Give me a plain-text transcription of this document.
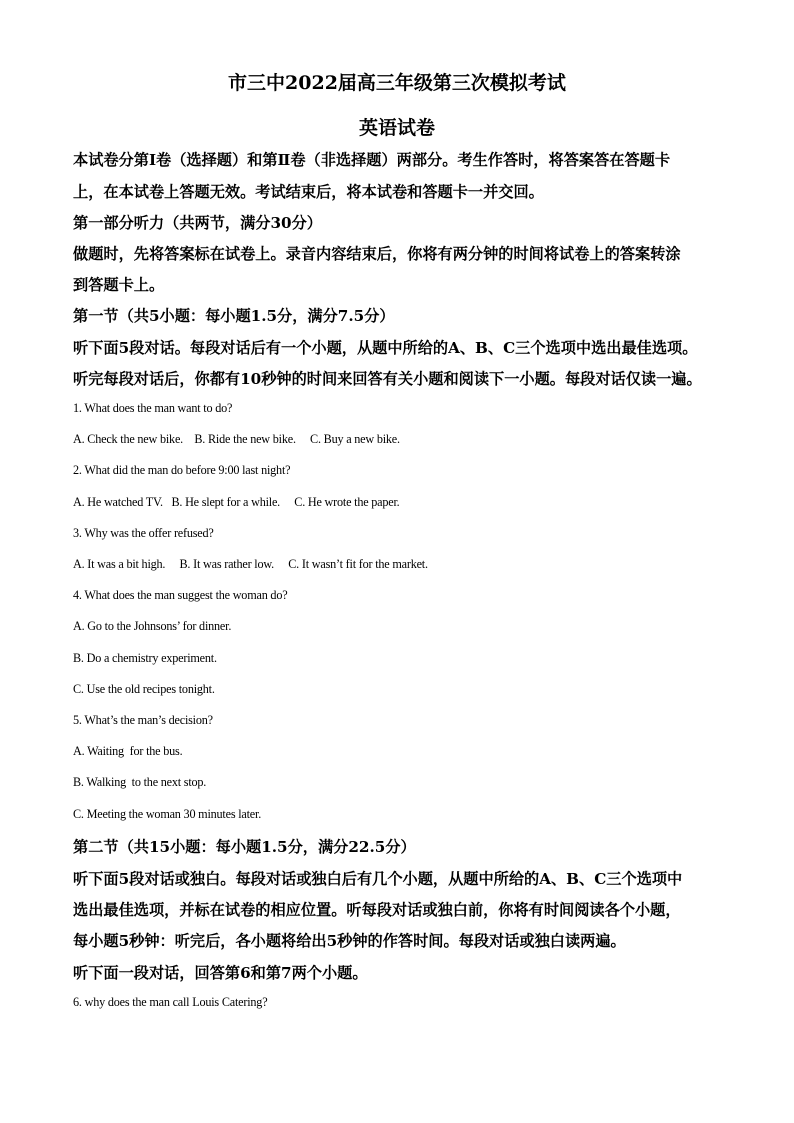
市三中2022届高三年级第三次模拟考试
英语试卷
本试卷分第Ⅰ卷（选择题）和第Ⅱ卷（非选择题）两部分。考生作答时，将答案答在答题卡
上，在本试卷上答题无效。考试结束后，将本试卷和答题卡一并交回。
第一部分听力（共两节，满分30分）
做题时，先将答案标在试卷上。录音内容结束后，你将有两分钟的时间将试卷上的答案转涂
到答题卡上。
第一节（共5小题：每小题1.5分，满分7.5分）
听下面5段对话。每段对话后有一个小题，从题中所给的A、B、C三个选项中选出最佳选项。
听完每段对话后，你都有10秒钟的时间来回答有关小题和阅读下一小题。每段对话仅读一遍。
1. What does the man want to do?
A. Check the new bike.    B. Ride the new bike.     C. Buy a new bike.
2. What did the man do before 9:00 last night?
A. He watched TV.   B. He slept for a while.     C. He wrote the paper.
3. Why was the offer refused?
A. It was a bit high.     B. It was rather low.     C. It wasn’t fit for the market.
4. What does the man suggest the woman do?
A. Go to the Johnsons’ for dinner.
B. Do a chemistry experiment.
C. Use the old recipes tonight.
5. What’s the man’s decision?
A. Waiting  for the bus.
B. Walking  to the next stop.
C. Meeting the woman 30 minutes later.
第二节（共15小题：每小题1.5分，满分22.5分）
听下面5段对话或独白。每段对话或独白后有几个小题，从题中所给的A、B、C三个选项中
选出最佳选项，并标在试卷的相应位置。听每段对话或独白前，你将有时间阅读各个小题，
每小题5秒钟：听完后，各小题将给出5秒钟的作答时间。每段对话或独白读两遍。
听下面一段对话，回答第6和第7两个小题。
6. why does the man call Louis Catering?
